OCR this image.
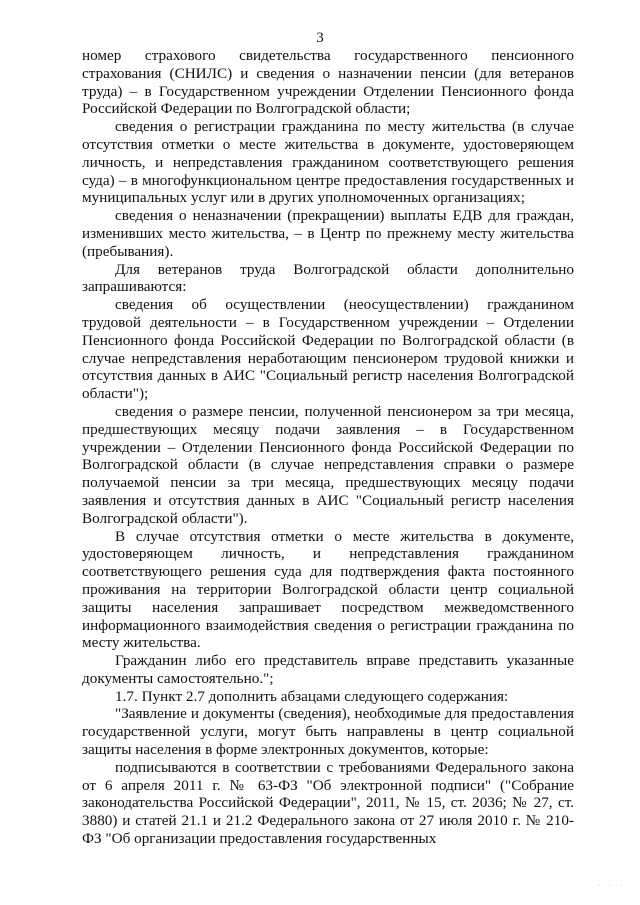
3

номер страхового свидетельства государственного пенсионного страхования (СНИЛС) и сведения о назначении пенсии (для ветеранов труда) – в Государственном учреждении Отделении Пенсионного фонда Российской Федерации по Волгоградской области;

сведения о регистрации гражданина по месту жительства (в случае отсутствия отметки о месте жительства в документе, удостоверяющем личность, и непредставления гражданином соответствующего решения суда) – в многофункциональном центре предоставления государственных и муниципальных услуг или в других уполномоченных организациях;

сведения о неназначении (прекращении) выплаты ЕДВ для граждан, изменивших место жительства, – в Центр по прежнему месту жительства (пребывания).

Для ветеранов труда Волгоградской области дополнительно запрашиваются:

сведения об осуществлении (неосуществлении) гражданином трудовой деятельности – в Государственном учреждении – Отделении Пенсионного фонда Российской Федерации по Волгоградской области (в случае непредставления неработающим пенсионером трудовой книжки и отсутствия данных в АИС "Социальный регистр населения Волгоградской области");

сведения о размере пенсии, полученной пенсионером за три месяца, предшествующих месяцу подачи заявления – в Государственном учреждении – Отделении Пенсионного фонда Российской Федерации по Волгоградской области (в случае непредставления справки о размере получаемой пенсии за три месяца, предшествующих месяцу подачи заявления и отсутствия данных в АИС "Социальный регистр населения Волгоградской области").

В случае отсутствия отметки о месте жительства в документе, удостоверяющем личность, и непредставления гражданином соответствующего решения суда для подтверждения факта постоянного проживания на территории Волгоградской области центр социальной защиты населения запрашивает посредством межведомственного информационного взаимодействия сведения о регистрации гражданина по месту жительства.

Гражданин либо его представитель вправе представить указанные документы самостоятельно.";

1.7. Пункт 2.7 дополнить абзацами следующего содержания:

"Заявление и документы (сведения), необходимые для предоставления государственной услуги, могут быть направлены в центр социальной защиты населения в форме электронных документов, которые:

подписываются в соответствии с требованиями Федерального закона от 6 апреля 2011 г. № 63-ФЗ "Об электронной подписи" ("Собрание законодательства Российской Федерации", 2011, № 15, ст. 2036; № 27, ст. 3880) и статей 21.1 и 21.2 Федерального закона от 27 июля 2010 г. № 210-ФЗ "Об организации предоставления государственных

· · ·
